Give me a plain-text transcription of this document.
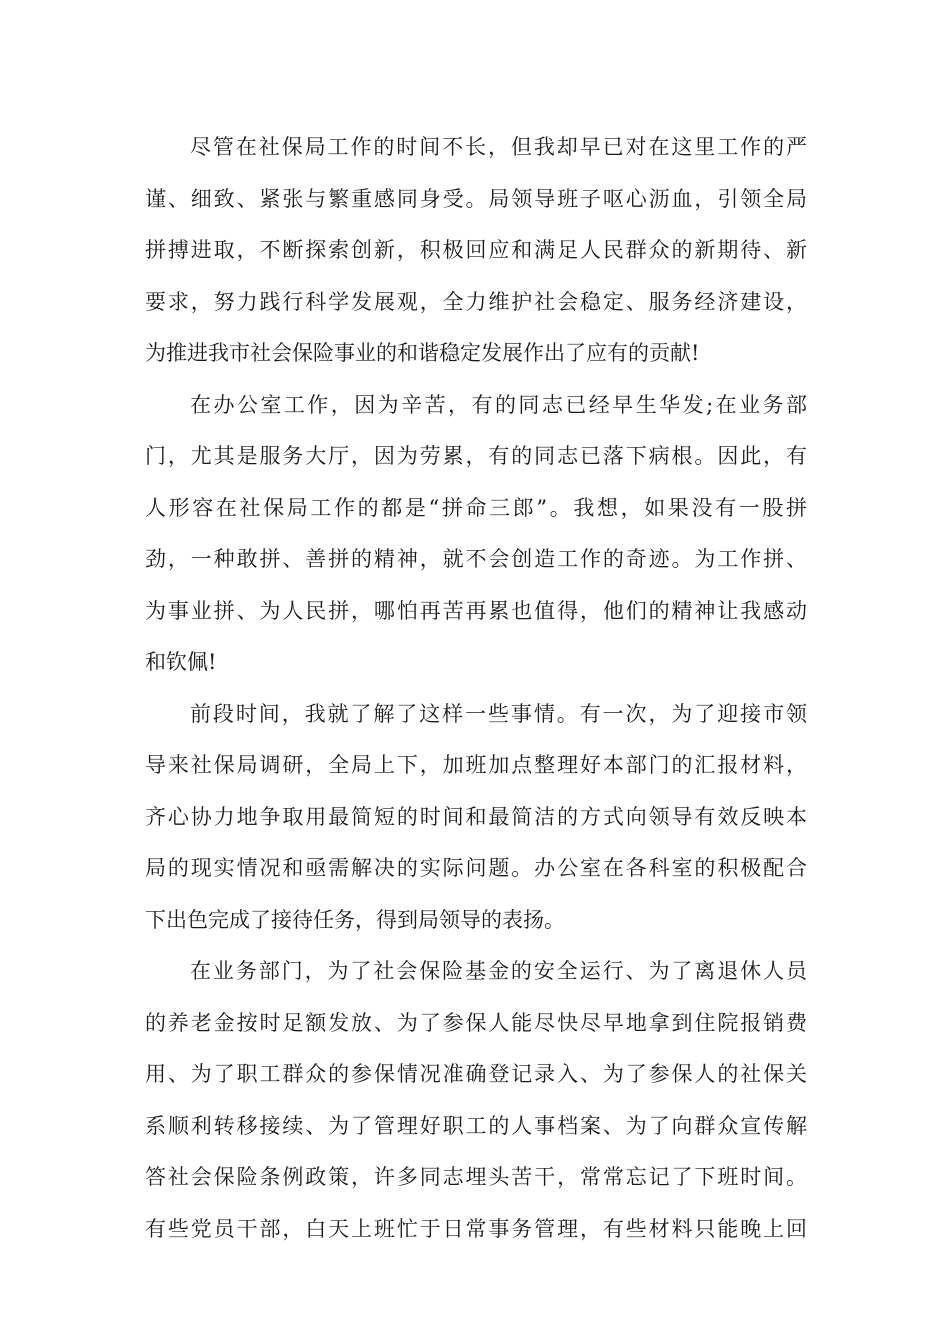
尽管在社保局工作的时间不长，但我却早已对在这里工作的严
谨、细致、紧张与繁重感同身受。局领导班子呕心沥血，引领全局
拼搏进取，不断探索创新，积极回应和满足人民群众的新期待、新
要求，努力践行科学发展观，全力维护社会稳定、服务经济建设，
为推进我市社会保险事业的和谐稳定发展作出了应有的贡献!
在办公室工作，因为辛苦，有的同志已经早生华发;在业务部
门，尤其是服务大厅，因为劳累，有的同志已落下病根。因此，有
人形容在社保局工作的都是“拼命三郎”。我想，如果没有一股拼
劲，一种敢拼、善拼的精神，就不会创造工作的奇迹。为工作拼、
为事业拼、为人民拼，哪怕再苦再累也值得，他们的精神让我感动
和钦佩!
前段时间，我就了解了这样一些事情。有一次，为了迎接市领
导来社保局调研，全局上下，加班加点整理好本部门的汇报材料，
齐心协力地争取用最简短的时间和最简洁的方式向领导有效反映本
局的现实情况和亟需解决的实际问题。办公室在各科室的积极配合
下出色完成了接待任务，得到局领导的表扬。
在业务部门，为了社会保险基金的安全运行、为了离退休人员
的养老金按时足额发放、为了参保人能尽快尽早地拿到住院报销费
用、为了职工群众的参保情况准确登记录入、为了参保人的社保关
系顺利转移接续、为了管理好职工的人事档案、为了向群众宣传解
答社会保险条例政策，许多同志埋头苦干，常常忘记了下班时间。
有些党员干部，白天上班忙于日常事务管理，有些材料只能晚上回
